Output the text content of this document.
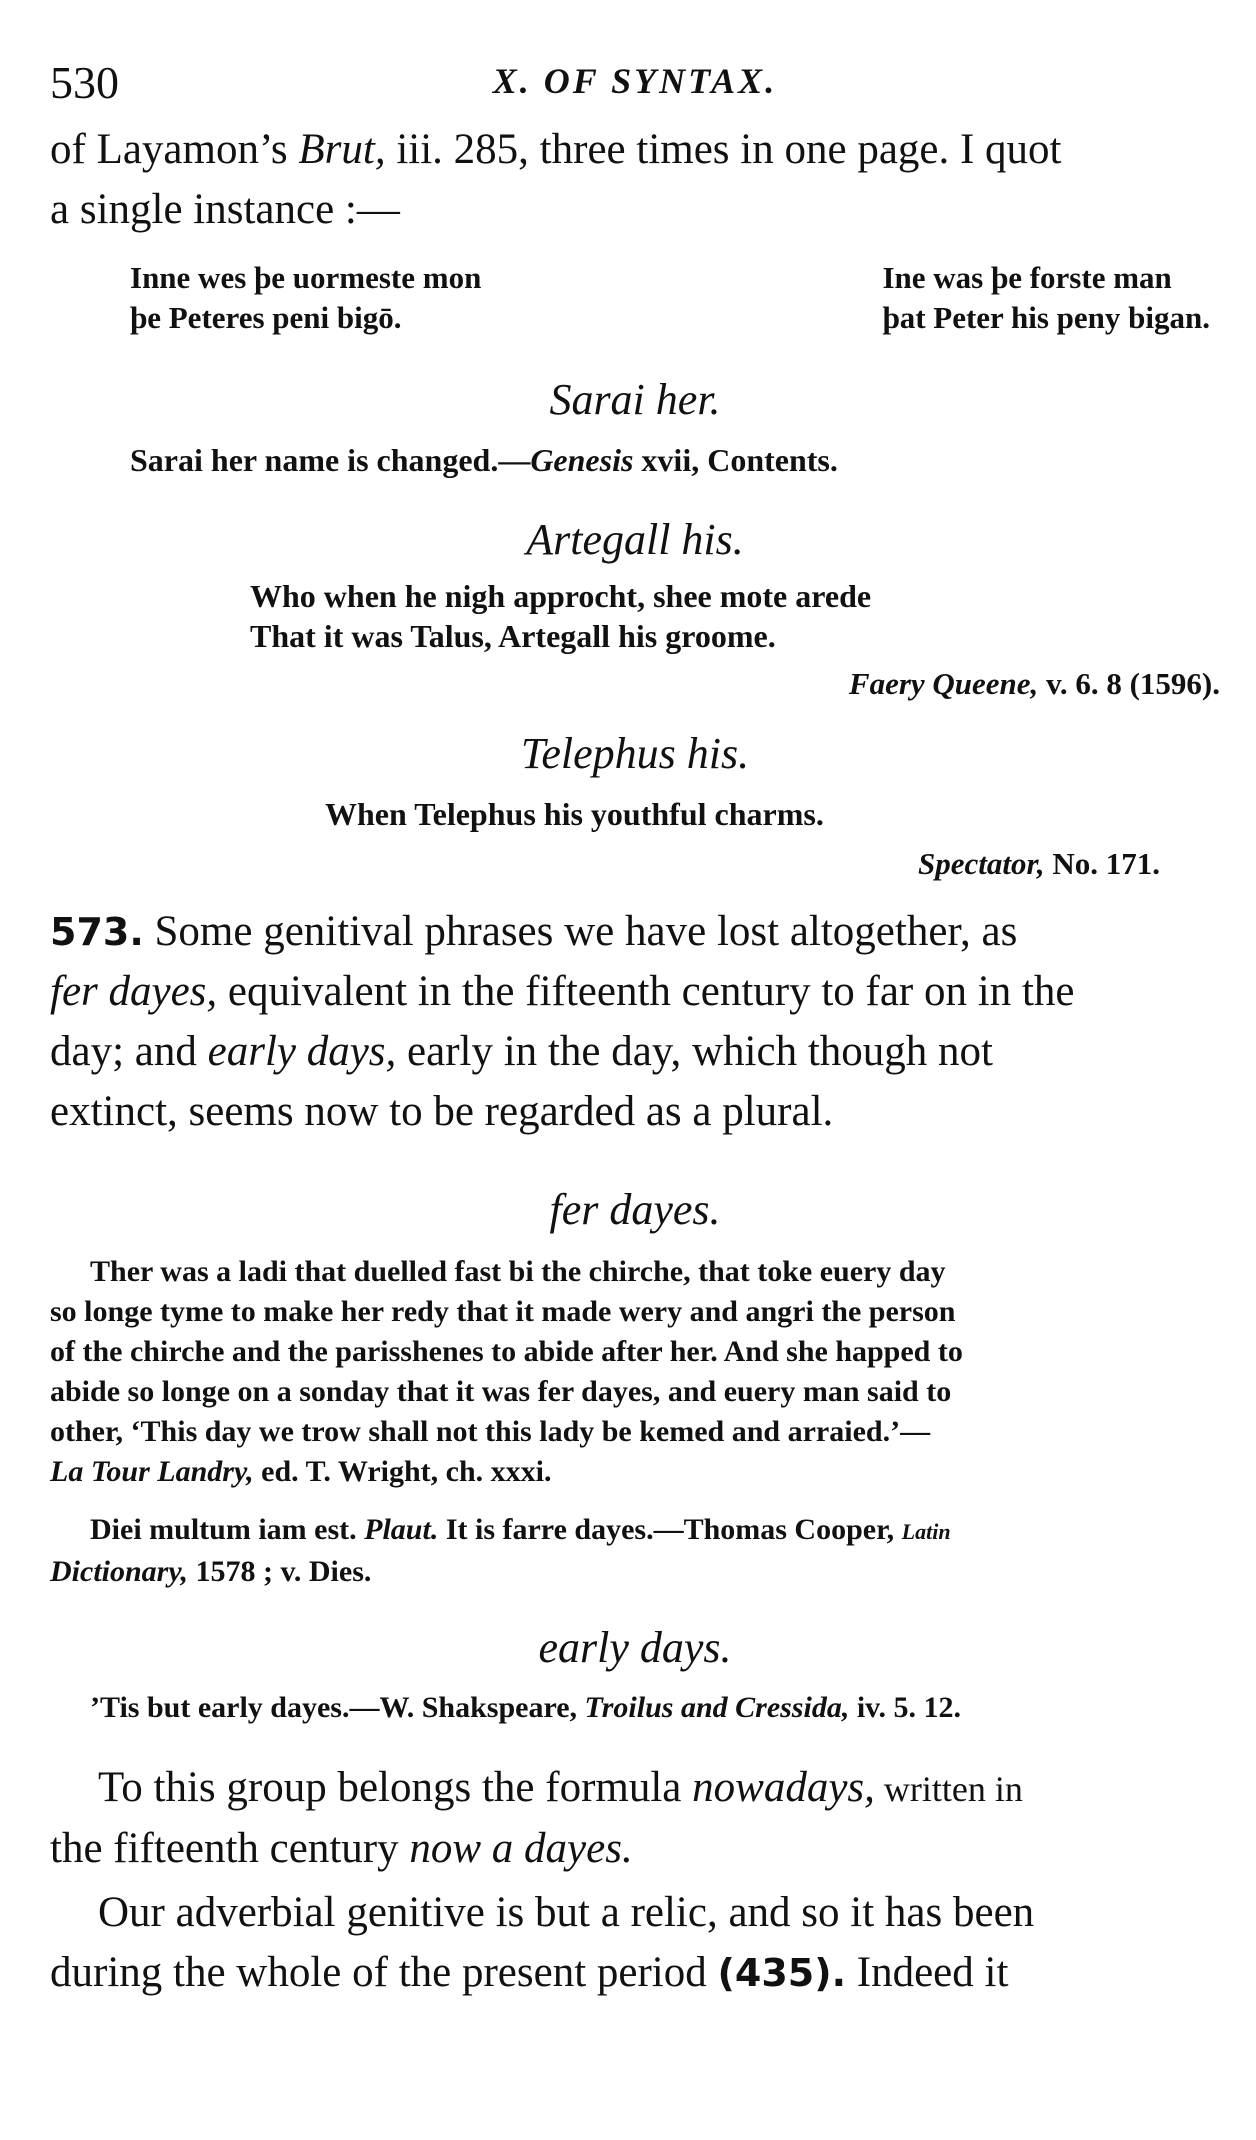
530	X. OF SYNTAX.
of Layamon’s Brut, iii. 285, three times in one page. I quot
a single instance :—
Inne wes þe uormeste mon
þe Peteres peni bigō.
Ine was þe forste man
þat Peter his peny bigan.
Sarai her.
Sarai her name is changed.—Genesis xvii, Contents.
Artegall his.
Who when he nigh approcht, shee mote arede
That it was Talus, Artegall his groome.
Faery Queene, v. 6. 8 (1596).
Telephus his.
When Telephus his youthful charms.
Spectator, No. 171.
573. Some genitival phrases we have lost altogether, as
fer dayes, equivalent in the fifteenth century to far on in the
day; and early days, early in the day, which though not
extinct, seems now to be regarded as a plural.
fer dayes.
Ther was a ladi that duelled fast bi the chirche, that toke euery day
so longe tyme to make her redy that it made wery and angri the person
of the chirche and the parisshenes to abide after her. And she happed to
abide so longe on a sonday that it was fer dayes, and euery man said to
other, ‘This day we trow shall not this lady be kemed and arraied.’—
La Tour Landry, ed. T. Wright, ch. xxxi.
Diei multum iam est. Plaut. It is farre dayes.—Thomas Cooper, Latin
Dictionary, 1578 ; v. Dies.
early days.
’Tis but early dayes.—W. Shakspeare, Troilus and Cressida, iv. 5. 12.
To this group belongs the formula nowadays, written in
the fifteenth century now a dayes.
Our adverbial genitive is but a relic, and so it has been
during the whole of the present period (435). Indeed it
